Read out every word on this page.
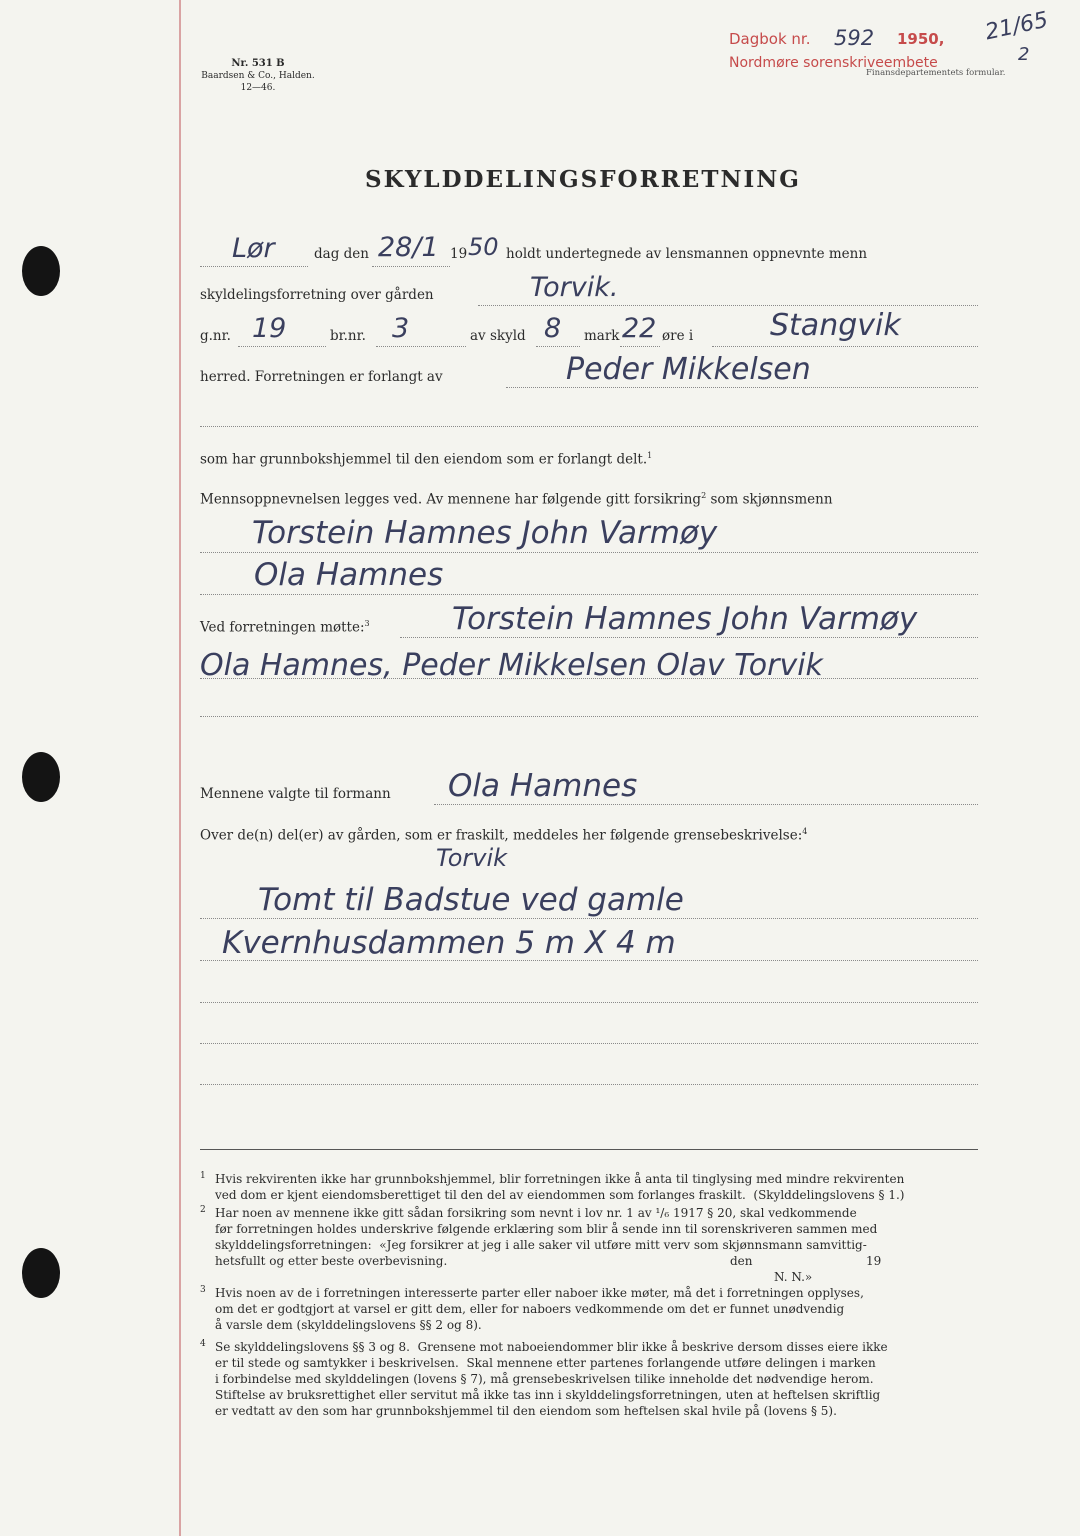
Nr. 531 B
Baardsen & Co., Halden.
12—46.
Dagbok nr. 592 1950, 21/65
2
Nordmøre sorenskriveembete
Finansdepartementets formular.
SKYLDDELINGSFORRETNING
Lør	dag den 28/1 19 50 holdt undertegnede av lensmannen oppnevnte menn
skyldelingsforretning over gården	Torvik.
g.nr. 19	br.nr. 3	av skyld 8 mark 22 øre i	Stangvik
herred. Forretningen er forlangt av	Peder Mikkelsen
som har grunnbokshjemmel til den eiendom som er forlangt delt.$^1$
Mennsoppnevnelsen legges ved. Av mennene har følgende gitt forsikring$^2$ som skjønnsmenn
Torstein Hamnes John Varmøy
Ola Hamnes
Ved forretningen møtte:$^3$	Torstein Hamnes John Varmøy
Ola Hamnes, Peder Mikkelsen Olav Torvik
Mennene valgte til formann Ola Hamnes
Over de(n) del(er) av gården, som er fraskilt, meddeles her følgende grensebeskrivelse:$^4$
Torvik
Tomt til Badstue ved gamle
Kvernhusdammen 5 m X 4 m
1 Hvis rekvirenten ikke har grunnbokshjemmel, blir forretningen ikke å anta til tinglysing med mindre rekvirenten
ved dom er kjent eiendomsberettiget til den del av eiendommen som forlanges fraskilt.  (Skylddelingslovens § 1.)
2 Har noen av mennene ikke gitt sådan forsikring som nevnt i lov nr. 1 av ¹/₆ 1917 § 20, skal vedkommende
før forretningen holdes underskrive følgende erklæring som blir å sende inn til sorenskriveren sammen med
skylddelingsforretningen:  «Jeg forsikrer at jeg i alle saker vil utføre mitt verv som skjønnsmann samvittig-
hetsfullt og etter beste overbevisning.	den	19
N. N.»
3 Hvis noen av de i forretningen interesserte parter eller naboer ikke møter, må det i forretningen opplyses,
om det er godtgjort at varsel er gitt dem, eller for naboers vedkommende om det er funnet unødvendig
å varsle dem (skylddelingslovens §§ 2 og 8).
4 Se skylddelingslovens §§ 3 og 8.  Grensene mot naboeiendommer blir ikke å beskrive dersom disses eiere ikke
er til stede og samtykker i beskrivelsen.  Skal mennene etter partenes forlangende utføre delingen i marken
i forbindelse med skylddelingen (lovens § 7), må grensebeskrivelsen tilike inneholde det nødvendige herom.
Stiftelse av bruksrettighet eller servitut må ikke tas inn i skylddelingsforretningen, uten at heftelsen skriftlig
er vedtatt av den som har grunnbokshjemmel til den eiendom som heftelsen skal hvile på (lovens § 5).
